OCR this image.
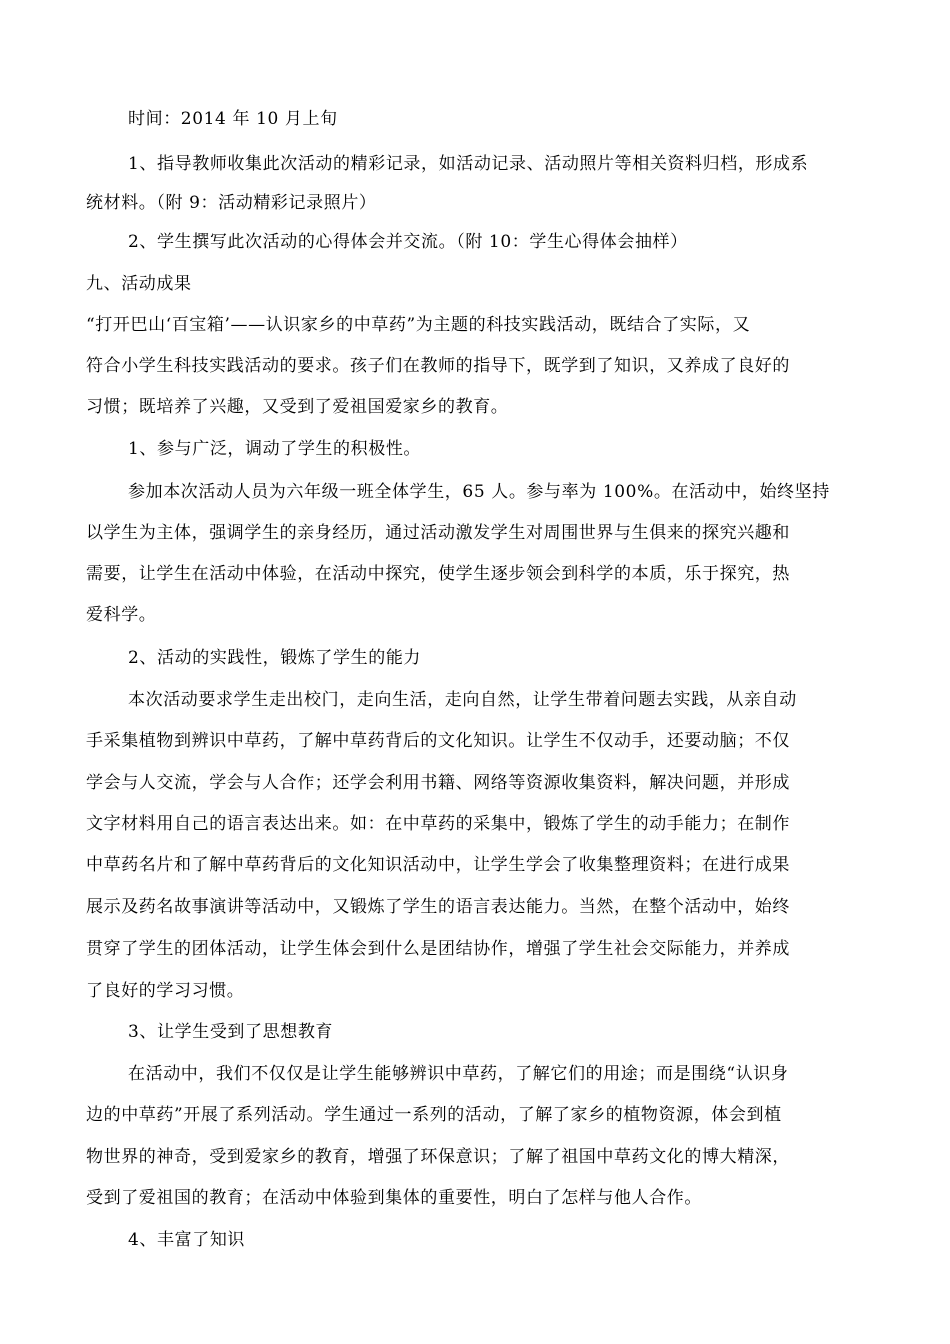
时间：2014 年 10 月上旬
1、指导教师收集此次活动的精彩记录，如活动记录、活动照片等相关资料归档，形成系
统材料。（附 9：活动精彩记录照片）
2、学生撰写此次活动的心得体会并交流。（附 10：学生心得体会抽样）
九、活动成果
“打开巴山‘百宝箱’——认识家乡的中草药”为主题的科技实践活动，既结合了实际，又
符合小学生科技实践活动的要求。孩子们在教师的指导下，既学到了知识，又养成了良好的
习惯；既培养了兴趣，又受到了爱祖国爱家乡的教育。
1、参与广泛，调动了学生的积极性。
参加本次活动人员为六年级一班全体学生，65 人。参与率为 100%。在活动中，始终坚持
以学生为主体，强调学生的亲身经历，通过活动激发学生对周围世界与生俱来的探究兴趣和
需要，让学生在活动中体验，在活动中探究，使学生逐步领会到科学的本质，乐于探究，热
爱科学。
2、活动的实践性，锻炼了学生的能力
本次活动要求学生走出校门，走向生活，走向自然，让学生带着问题去实践，从亲自动
手采集植物到辨识中草药，了解中草药背后的文化知识。让学生不仅动手，还要动脑；不仅
学会与人交流，学会与人合作；还学会利用书籍、网络等资源收集资料，解决问题，并形成
文字材料用自己的语言表达出来。如：在中草药的采集中，锻炼了学生的动手能力；在制作
中草药名片和了解中草药背后的文化知识活动中，让学生学会了收集整理资料；在进行成果
展示及药名故事演讲等活动中，又锻炼了学生的语言表达能力。当然，在整个活动中，始终
贯穿了学生的团体活动，让学生体会到什么是团结协作，增强了学生社会交际能力，并养成
了良好的学习习惯。
3、让学生受到了思想教育
在活动中，我们不仅仅是让学生能够辨识中草药，了解它们的用途；而是围绕“认识身
边的中草药”开展了系列活动。学生通过一系列的活动，了解了家乡的植物资源，体会到植
物世界的神奇，受到爱家乡的教育，增强了环保意识；了解了祖国中草药文化的博大精深，
受到了爱祖国的教育；在活动中体验到集体的重要性，明白了怎样与他人合作。
4、丰富了知识
